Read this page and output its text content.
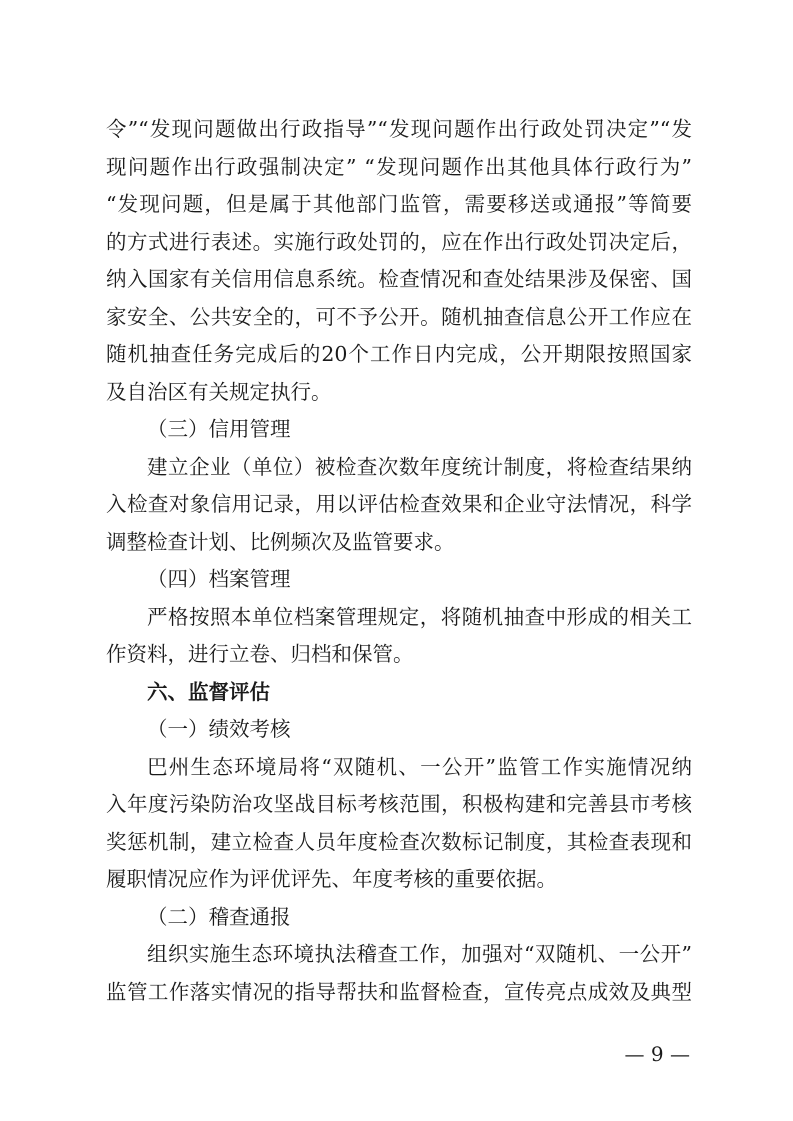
令”“发现问题做出行政指导”“发现问题作出行政处罚决定”“发
现问题作出行政强制决定” “发现问题作出其他具体行政行为”
“发现问题，但是属于其他部门监管，需要移送或通报”等简要
的方式进行表述。实施行政处罚的，应在作出行政处罚决定后，
纳入国家有关信用信息系统。检查情况和查处结果涉及保密、国
家安全、公共安全的，可不予公开。随机抽查信息公开工作应在
随机抽查任务完成后的20个工作日内完成，公开期限按照国家
及自治区有关规定执行。
（三）信用管理
建立企业（单位）被检查次数年度统计制度，将检查结果纳
入检查对象信用记录，用以评估检查效果和企业守法情况，科学
调整检查计划、比例频次及监管要求。
（四）档案管理
严格按照本单位档案管理规定，将随机抽查中形成的相关工
作资料，进行立卷、归档和保管。
六、监督评估
（一）绩效考核
巴州生态环境局将“双随机、一公开”监管工作实施情况纳
入年度污染防治攻坚战目标考核范围，积极构建和完善县市考核
奖惩机制，建立检查人员年度检查次数标记制度，其检查表现和
履职情况应作为评优评先、年度考核的重要依据。
（二）稽查通报
组织实施生态环境执法稽查工作，加强对“双随机、一公开”
监管工作落实情况的指导帮扶和监督检查，宣传亮点成效及典型
— 9 —
